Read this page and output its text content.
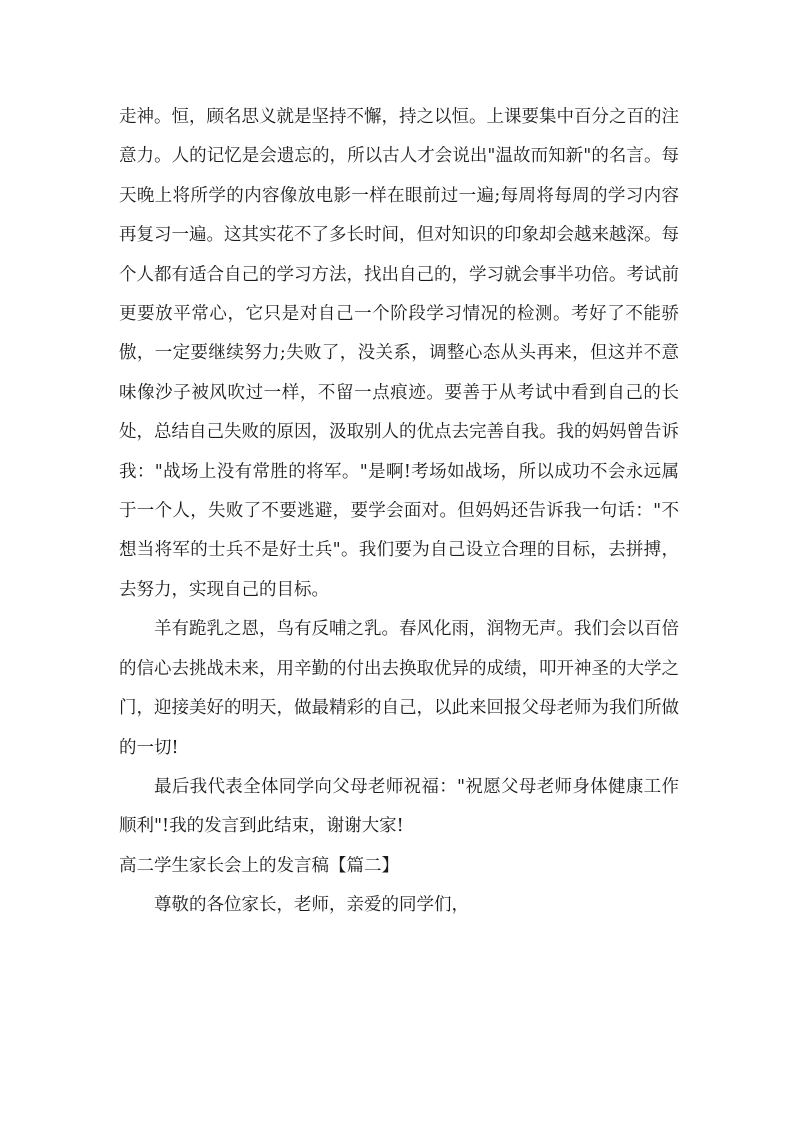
走神。恒，顾名思义就是坚持不懈，持之以恒。上课要集中百分之百的注意力。人的记忆是会遗忘的，所以古人才会说出"温故而知新"的名言。每天晚上将所学的内容像放电影一样在眼前过一遍;每周将每周的学习内容再复习一遍。这其实花不了多长时间，但对知识的印象却会越来越深。每个人都有适合自己的学习方法，找出自己的，学习就会事半功倍。考试前更要放平常心，它只是对自己一个阶段学习情况的检测。考好了不能骄傲，一定要继续努力;失败了，没关系，调整心态从头再来，但这并不意味像沙子被风吹过一样，不留一点痕迹。要善于从考试中看到自己的长处，总结自己失败的原因，汲取别人的优点去完善自我。我的妈妈曾告诉我："战场上没有常胜的将军。"是啊!考场如战场，所以成功不会永远属于一个人，失败了不要逃避，要学会面对。但妈妈还告诉我一句话："不想当将军的士兵不是好士兵"。我们要为自己设立合理的目标，去拼搏，去努力，实现自己的目标。

羊有跪乳之恩，鸟有反哺之乳。春风化雨，润物无声。我们会以百倍的信心去挑战未来，用辛勤的付出去换取优异的成绩，叩开神圣的大学之门，迎接美好的明天，做最精彩的自己，以此来回报父母老师为我们所做的一切!

最后我代表全体同学向父母老师祝福："祝愿父母老师身体健康工作顺利"!我的发言到此结束，谢谢大家!

高二学生家长会上的发言稿【篇二】

尊敬的各位家长，老师，亲爱的同学们，
